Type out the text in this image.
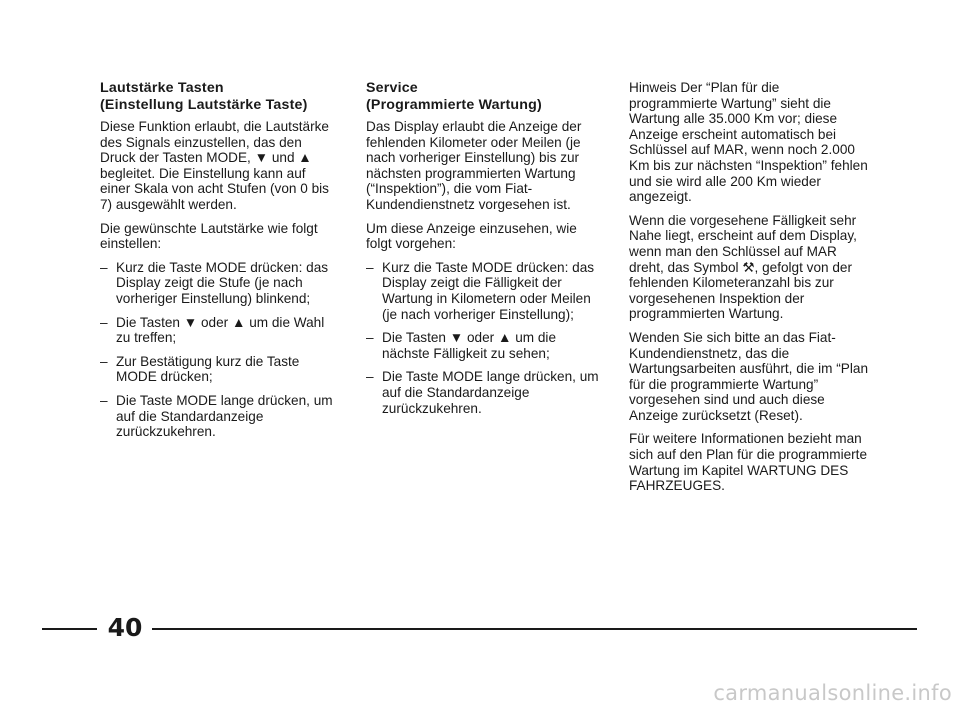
Lautstärke Tasten
(Einstellung Lautstärke Taste)

Diese Funktion erlaubt, die Lautstärke des Signals einzustellen, das den Druck der Tasten MODE, ▼ und ▲ begleitet. Die Einstellung kann auf einer Skala von acht Stufen (von 0 bis 7) ausgewählt werden.

Die gewünschte Lautstärke wie folgt einstellen:

– Kurz die Taste MODE drücken: das Display zeigt die Stufe (je nach vorheriger Einstellung) blinkend;
– Die Tasten ▼ oder ▲ um die Wahl zu treffen;
– Zur Bestätigung kurz die Taste MODE drücken;
– Die Taste MODE lange drücken, um auf die Standardanzeige zurückzukehren.
Service
(Programmierte Wartung)

Das Display erlaubt die Anzeige der fehlenden Kilometer oder Meilen (je nach vorheriger Einstellung) bis zur nächsten programmierten Wartung (“Inspektion”), die vom Fiat-Kundendienstnetz vorgesehen ist.

Um diese Anzeige einzusehen, wie folgt vorgehen:

– Kurz die Taste MODE drücken: das Display zeigt die Fälligkeit der Wartung in Kilometern oder Meilen (je nach vorheriger Einstellung);
– Die Tasten ▼ oder ▲ um die nächste Fälligkeit zu sehen;
– Die Taste MODE lange drücken, um auf die Standardanzeige zurückzukehren.

Hinweis Der “Plan für die programmierte Wartung” sieht die Wartung alle 35.000 Km vor; diese Anzeige erscheint automatisch bei Schlüssel auf MAR, wenn noch 2.000 Km bis zur nächsten “Inspektion” fehlen und sie wird alle 200 Km wieder angezeigt.

Wenn die vorgesehene Fälligkeit sehr Nahe liegt, erscheint auf dem Display, wenn man den Schlüssel auf MAR dreht, das Symbol ⚒, gefolgt von der fehlenden Kilometeranzahl bis zur vorgesehenen Inspektion der programmierten Wartung.

Wenden Sie sich bitte an das Fiat-Kundendienstnetz, das die Wartungsarbeiten ausführt, die im “Plan für die programmierte Wartung” vorgesehen sind und auch diese Anzeige zurücksetzt (Reset).

Für weitere Informationen bezieht man sich auf den Plan für die programmierte Wartung im Kapitel WARTUNG DES FAHRZEUGES.

40
carmanualsonline.info
